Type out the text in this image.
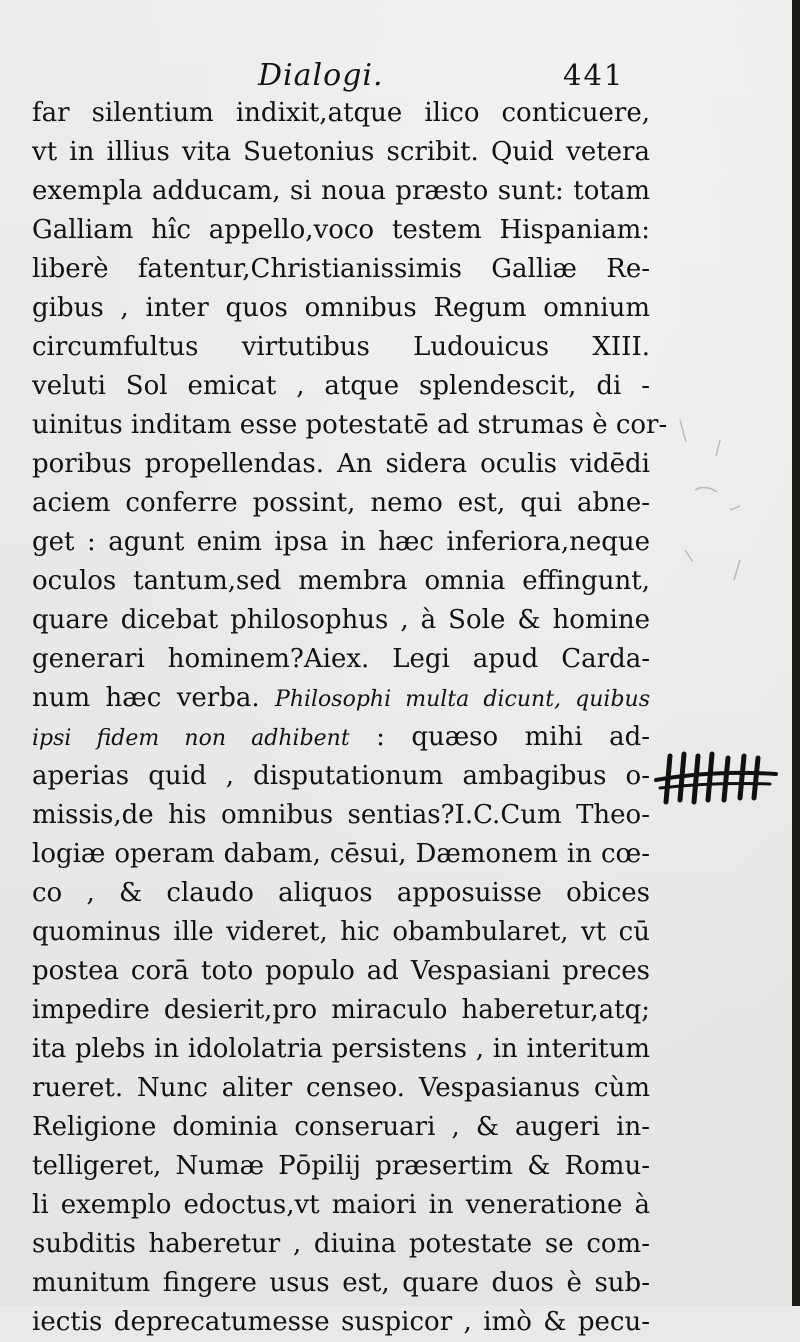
Dialogi.	441
far silentium indixit,atque ilico conticuere,
vt in illius vita Suetonius scribit. Quid vetera
exempla adducam, si noua præsto sunt: totam
Galliam hîc appello,voco testem Hispaniam:
liberè fatentur,Christianissimis Galliæ Re-
gibus , inter quos omnibus Regum omnium
circumfultus virtutibus Ludouicus XIII.
veluti Sol emicat , atque splendescit, di -
uinitus inditam esse potestatē ad strumas è cor-
poribus propellendas. An sidera oculis vidēdi
aciem conferre possint, nemo est, qui abne-
get : agunt enim ipsa in hæc inferiora,neque
oculos tantum,sed membra omnia effingunt,
quare dicebat philosophus , à Sole & homine
generari hominem?Aiex. Legi apud Carda-
num hæc verba. Philosophi multa dicunt, quibus
ipsi fidem non adhibent : quæso mihi ad-
aperias quid , disputationum ambagibus o-
missis,de his omnibus sentias?I.C.Cum Theo-
logiæ operam dabam, cēsui, Dæmonem in cœ-
co , & claudo aliquos apposuisse obices
quominus ille videret, hic obambularet, vt cū
postea corā toto populo ad Vespasiani preces
impedire desierit,pro miraculo haberetur,atq;
ita plebs in idololatria persistens , in interitum
rueret. Nunc aliter censeo. Vespasianus cùm
Religione dominia conseruari , & augeri in-
telligeret, Numæ Pōpilij præsertim & Romu-
li exemplo edoctus,vt maiori in veneratione à
subditis haberetur , diuina potestate se com-
munitum fingere usus est, quare duos è sub-
iectis deprecatumesse suspicor , imò & pecu-
